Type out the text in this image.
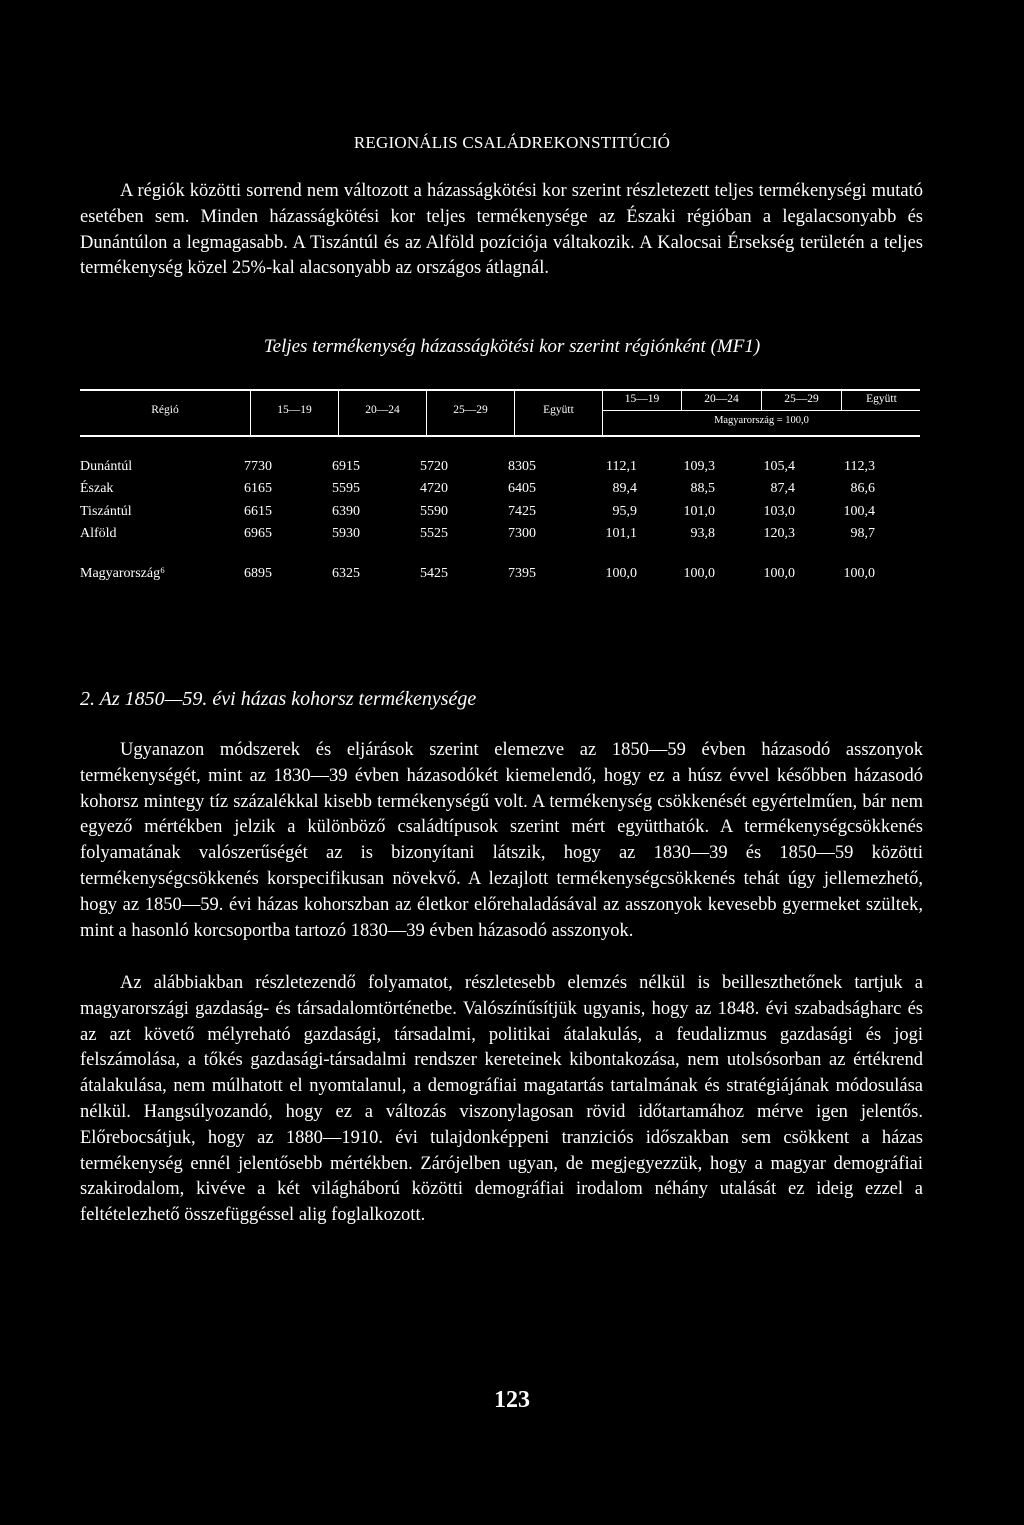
REGIONÁLIS CSALÁDREKONSTITÚCIÓ

A régiók közötti sorrend nem változott a házasságkötési kor szerint részletezett teljes termékenységi mutató esetében sem. Minden házasságkötési kor teljes termékenysége az Északi régióban a legalacsonyabb és Dunántúlon a legmagasabb. A Tiszántúl és az Alföld pozíciója váltakozik. A Kalocsai Érsekség területén a teljes termékenység közel 25%-kal alacsonyabb az országos átlagnál.

Teljes termékenység házasságkötési kor szerint régiónként (MF1)
Régió	15—19	20—24	25—29	Együtt
15—19	20—24	25—29	Együtt
Magyarország = 100,0
Dunántúl	7730	6915	5720	8305	112,1	109,3	105,4	112,3
Észak	6165	5595	4720	6405	89,4	88,5	87,4	86,6
Tiszántúl	6615	6390	5590	7425	95,9	101,0	103,0	100,4
Alföld	6965	5930	5525	7300	101,1	93,8	120,3	98,7
Magyarország⁶	6895	6325	5425	7395	100,0	100,0	100,0	100,0
2. Az 1850—59. évi házas kohorsz termékenysége

Ugyanazon módszerek és eljárások szerint elemezve az 1850—59 évben házasodó asszonyok termékenységét, mint az 1830—39 évben házasodókét kiemelendő, hogy ez a húsz évvel későbben házasodó kohorsz mintegy tíz százalékkal kisebb termékenységű volt. A termékenység csökkenését egyértelműen, bár nem egyező mértékben jelzik a különböző családtípusok szerint mért együtthatók. A termékenységcsökkenés folyamatának valószerűségét az is bizonyítani látszik, hogy az 1830—39 és 1850—59 közötti termékenységcsökkenés korspecifikusan növekvő. A lezajlott termékenységcsökkenés tehát úgy jellemezhető, hogy az 1850—59. évi házas kohorszban az életkor előrehaladásával az asszonyok kevesebb gyermeket szültek, mint a hasonló korcsoportba tartozó 1830—39 évben házasodó asszonyok.

Az alábbiakban részletezendő folyamatot, részletesebb elemzés nélkül is beilleszthetőnek tartjuk a magyarországi gazdaság- és társadalomtörténetbe. Valószínűsítjük ugyanis, hogy az 1848. évi szabadságharc és az azt követő mélyreható gazdasági, társadalmi, politikai átalakulás, a feudalizmus gazdasági és jogi felszámolása, a tőkés gazdasági-társadalmi rendszer kereteinek kibontakozása, nem utolsósorban az értékrend átalakulása, nem múlhatott el nyomtalanul, a demográfiai magatartás tartalmának és stratégiájának módosulása nélkül. Hangsúlyozandó, hogy ez a változás viszonylagosan rövid időtartamához mérve igen jelentős. Előrebocsátjuk, hogy az 1880—1910. évi tulajdonképpeni tranziciós időszakban sem csökkent a házas termékenység ennél jelentősebb mértékben. Zárójelben ugyan, de megjegyezzük, hogy a magyar demográfiai szakirodalom, kivéve a két világháború közötti demográfiai irodalom néhány utalását ez ideig ezzel a feltételezhető összefüggéssel alig foglalkozott.

123
